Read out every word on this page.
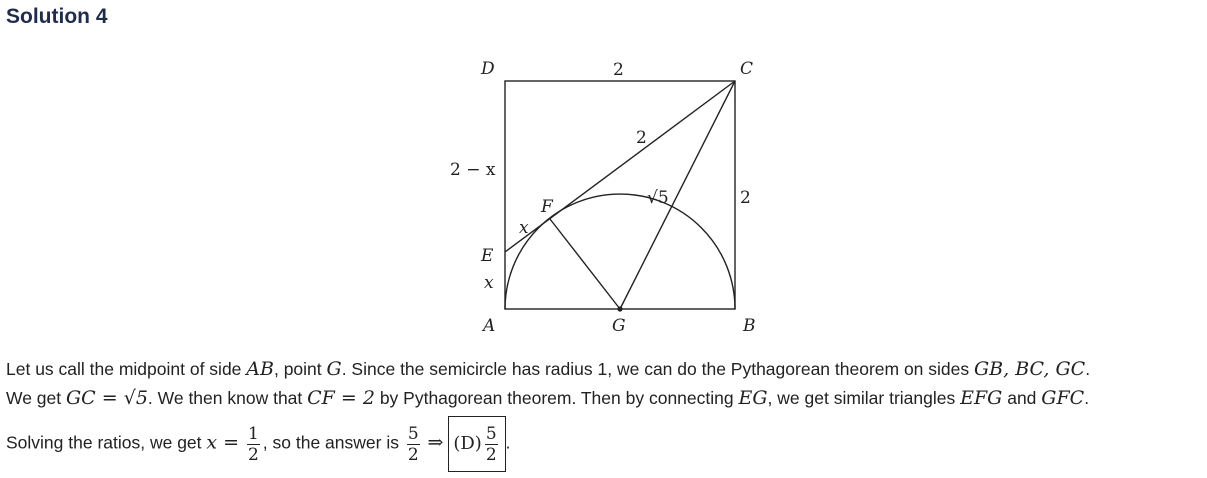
Solution 4
D	2	C
2
2 − x
2
√5
F
x
E
x
A	G	B
Let us call the midpoint of side AB, point G. Since the semicircle has radius 1, we can do the Pythagorean theorem on sides GB, BC, GC.
We get GC = √5. We then know that CF = 2 by Pythagorean theorem. Then by connecting EG, we get similar triangles EFG and GFC.
Solving the ratios, we get $x = \frac{1}{2}$ , so the answer is $\frac{5}{2}$ ⇒ $(D) \frac{5}{2}$ .
